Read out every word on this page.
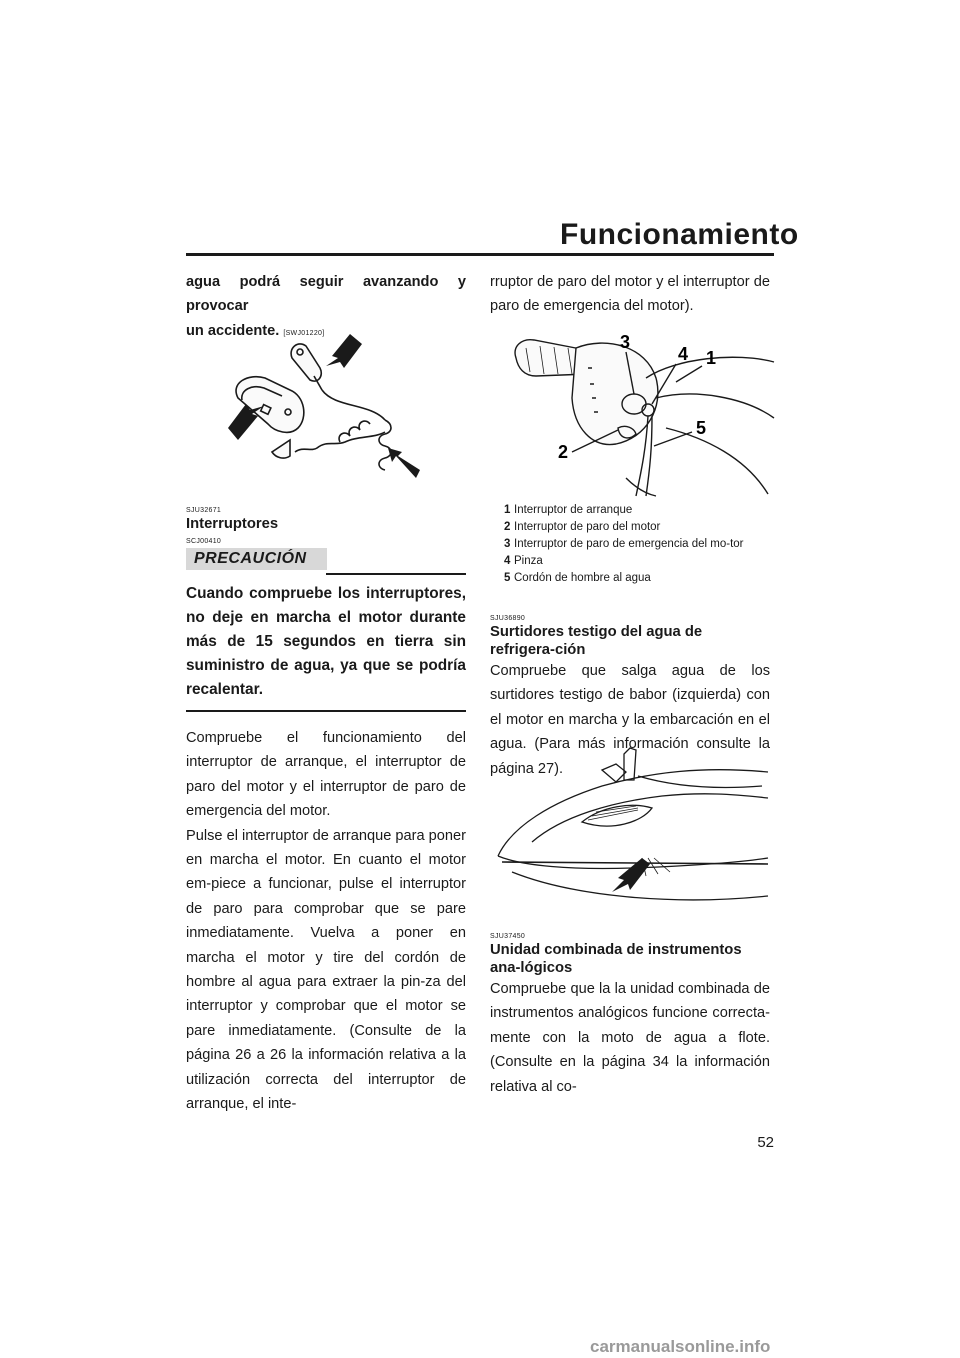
Funcionamiento

agua podrá seguir avanzando y provocar

un accidente. [SWJ01220]

SJU32671
Interruptores
SCJ00410
PRECAUCIÓN

Cuando compruebe los interruptores, no deje en marcha el motor durante más de 15 segundos en tierra sin suministro de agua, ya que se podría recalentar.

Compruebe el funcionamiento del interruptor de arranque, el interruptor de paro del motor y el interruptor de paro de emergencia del motor.

Pulse el interruptor de arranque para poner en marcha el motor. En cuanto el motor em-piece a funcionar, pulse el interruptor de paro para comprobar que se pare inmediatamente. Vuelva a poner en marcha el motor y tire del cordón de hombre al agua para extraer la pin-za del interruptor y comprobar que el motor se pare inmediatamente. (Consulte de la página 26 a 26 la información relativa a la utilización correcta del interruptor de arranque, el inte-

rruptor de paro del motor y el interruptor de paro de emergencia del motor).

3
4 1
5
2
1 Interruptor de arranque
2 Interruptor de paro del motor
3 Interruptor de paro de emergencia del mo-tor
4 Pinza
5 Cordón de hombre al agua
SJU36890
Surtidores testigo del agua de refrigera-ción

Compruebe que salga agua de los surtidores testigo de babor (izquierda) con el motor en marcha y la embarcación en el agua. (Para más información consulte la página 27).

SJU37450
Unidad combinada de instrumentos ana-lógicos

Compruebe que la la unidad combinada de instrumentos analógicos funcione correcta-mente con la moto de agua a flote. (Consulte en la página 34 la información relativa al co-

52
carmanualsonline.info
Downloaded from www.Manualslib.com manuals search engine
